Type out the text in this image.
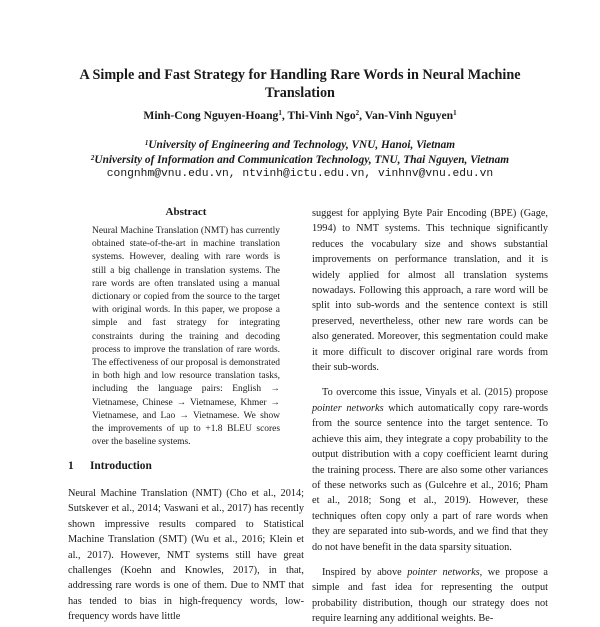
A Simple and Fast Strategy for Handling Rare Words in Neural Machine
Translation
Minh-Cong Nguyen-Hoang$^1$, Thi-Vinh Ngo$^2$, Van-Vinh Nguyen$^1$
$^1$University of Engineering and Technology, VNU, Hanoi, Vietnam
$^2$University of Information and Communication Technology, TNU, Thai Nguyen, Vietnam
congnhm@vnu.edu.vn, ntvinh@ictu.edu.vn, vinhnv@vnu.edu.vn
Abstract
Neural Machine Translation (NMT) has currently obtained state-of-the-art in machine translation systems. However, dealing with rare words is still a big challenge in translation systems. The rare words are often translated using a manual dictionary or copied from the source to the target with original words. In this paper, we propose a simple and fast strategy for integrating constraints during the training and decoding process to improve the translation of rare words. The effectiveness of our proposal is demonstrated in both high and low resource translation tasks, including the language pairs: English → Vietnamese, Chinese → Vietnamese, Khmer → Vietnamese, and Lao → Vietnamese. We show the improvements of up to +1.8 BLEU scores over the baseline systems.
1 Introduction
Neural Machine Translation (NMT) (Cho et al., 2014; Sutskever et al., 2014; Vaswani et al., 2017) has recently shown impressive results compared to Statistical Machine Translation (SMT) (Wu et al., 2016; Klein et al., 2017). However, NMT systems still have great challenges (Koehn and Knowles, 2017), in that, addressing rare words is one of them. Due to NMT that has tended to bias in high-frequency words, low-frequency words have little

suggest for applying Byte Pair Encoding (BPE) (Gage, 1994) to NMT systems. This technique significantly reduces the vocabulary size and shows substantial improvements on performance translation, and it is widely applied for almost all translation systems nowadays. Following this approach, a rare word will be split into sub-words and the sentence context is still preserved, nevertheless, other new rare words can be also generated. Moreover, this segmentation could make it more difficult to discover original rare words from their sub-words.

To overcome this issue, Vinyals et al. (2015) propose pointer networks which automatically copy rare-words from the source sentence into the target sentence. To achieve this aim, they integrate a copy probability to the output distribution with a copy coefficient learnt during the training process. There are also some other variances of these networks such as (Gulcehre et al., 2016; Pham et al., 2018; Song et al., 2019). However, these techniques often copy only a part of rare words when they are separated into sub-words, and we find that they do not have benefit in the data sparsity situation.

Inspired by above pointer networks, we propose a simple and fast idea for representing the output probability distribution, though our strategy does not require learning any additional weights. Be-
